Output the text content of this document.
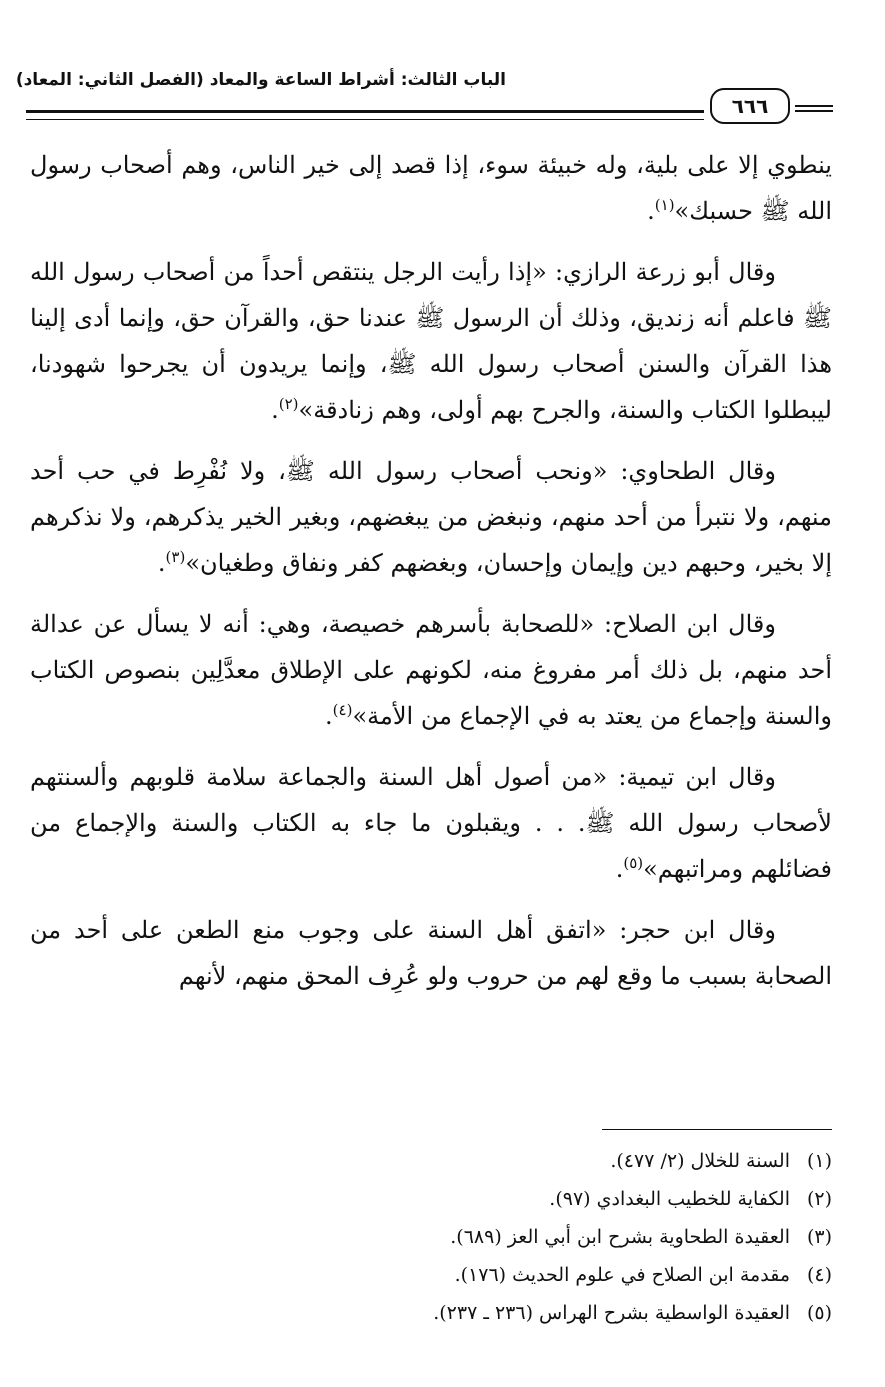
الباب الثالث: أشراط الساعة والمعاد (الفصل الثاني: المعاد)
٦٦٦

ينطوي إلا على بلية، وله خبيئة سوء، إذا قصد إلى خير الناس، وهم أصحاب رسول الله ﷺ حسبك»$^{(١)}$.

وقال أبو زرعة الرازي: «إذا رأيت الرجل ينتقص أحداً من أصحاب رسول الله ﷺ فاعلم أنه زنديق، وذلك أن الرسول ﷺ عندنا حق، والقرآن حق، وإنما أدى إلينا هذا القرآن والسنن أصحاب رسول الله ﷺ، وإنما يريدون أن يجرحوا شهودنا، ليبطلوا الكتاب والسنة، والجرح بهم أولى، وهم زنادقة»$^{(٢)}$.

وقال الطحاوي: «ونحب أصحاب رسول الله ﷺ، ولا نُفْرِط في حب أحد منهم، ولا نتبرأ من أحد منهم، ونبغض من يبغضهم، وبغير الخير يذكرهم، ولا نذكرهم إلا بخير، وحبهم دين وإيمان وإحسان، وبغضهم كفر ونفاق وطغيان»$^{(٣)}$.

وقال ابن الصلاح: «للصحابة بأسرهم خصيصة، وهي: أنه لا يسأل عن عدالة أحد منهم، بل ذلك أمر مفروغ منه، لكونهم على الإطلاق معدَّلِين بنصوص الكتاب والسنة وإجماع من يعتد به في الإجماع من الأمة»$^{(٤)}$.

وقال ابن تيمية: «من أصول أهل السنة والجماعة سلامة قلوبهم وألسنتهم لأصحاب رسول الله ﷺ. . . ويقبلون ما جاء به الكتاب والسنة والإجماع من فضائلهم ومراتبهم»$^{(٥)}$.

وقال ابن حجر: «اتفق أهل السنة على وجوب منع الطعن على أحد من الصحابة بسبب ما وقع لهم من حروب ولو عُرِف المحق منهم، لأنهم

(١)
السنة للخلال (٢/ ٤٧٧).
(٢)
الكفاية للخطيب البغدادي (٩٧).
(٣)
العقيدة الطحاوية بشرح ابن أبي العز (٦٨٩).
(٤)
مقدمة ابن الصلاح في علوم الحديث (١٧٦).
(٥)
العقيدة الواسطية بشرح الهراس (٢٣٦ ـ ٢٣٧).
